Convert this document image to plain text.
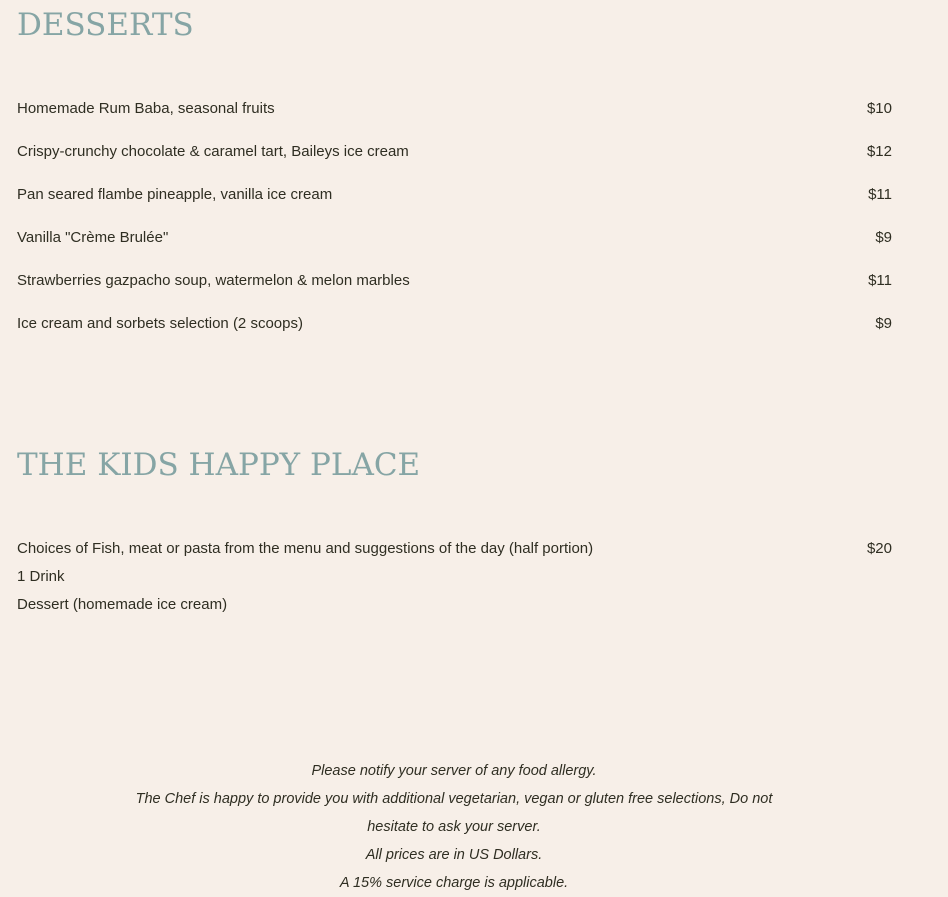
DESSERTS
Homemade Rum Baba, seasonal fruits	$10
Crispy-crunchy chocolate & caramel tart, Baileys ice cream	$12
Pan seared flambe pineapple, vanilla ice cream	$11
Vanilla "Crème Brulée"	$9
Strawberries gazpacho soup, watermelon & melon marbles	$11
Ice cream and sorbets selection (2 scoops)	$9
THE KIDS HAPPY PLACE
Choices of Fish, meat or pasta from the menu and suggestions of the day (half portion)	$20
1 Drink
Dessert (homemade ice cream)
Please notify your server of any food allergy.
The Chef is happy to provide you with additional vegetarian, vegan or gluten free selections, Do not
hesitate to ask your server.
All prices are in US Dollars.
A 15% service charge is applicable.
